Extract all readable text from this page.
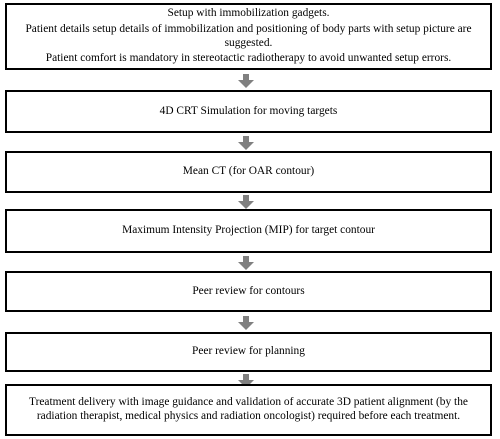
Setup with immobilization gadgets.
Patient details setup details of immobilization and positioning of body parts with setup picture are suggested.
Patient comfort is mandatory in stereotactic radiotherapy to avoid unwanted setup errors.
4D CRT Simulation for moving targets
Mean CT (for OAR contour)
Maximum Intensity Projection (MIP) for target contour
Peer review for contours
Peer review for planning
Treatment delivery with image guidance and validation of accurate 3D patient alignment (by the radiation therapist, medical physics and radiation oncologist) required before each treatment.
